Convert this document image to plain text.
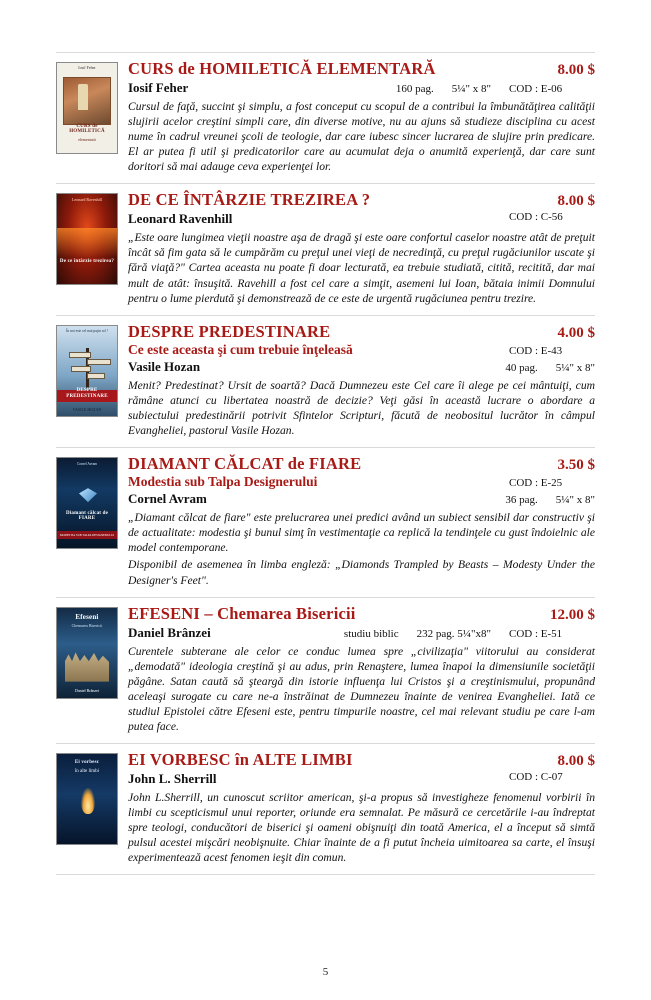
Iosif Feher
CURS de HOMILETICĂ
elementară
CURS de HOMILETICĂ ELEMENTARĂ	8.00 $
Iosif Feher	160 pag. 5¼" x 8" COD : E-06

Cursul de faţă, succint şi simplu, a fost conceput cu scopul de a contribui la îmbunătăţirea calităţii slujirii acelor creştini simpli care, din diverse motive, nu au ajuns să studieze disciplina cu acest nume în cadrul vreunei şcoli de teologie, dar care iubesc sincer lucrarea de slujire prin predicare. El ar putea fi util şi predicatorilor care au acumulat deja o anumită experienţă, dar care sunt doritori să mai adauge ceva experienţei lor.

Leonard Ravenhill
De ce întârzie trezirea?
DE CE ÎNTÂRZIE TREZIREA ?	8.00 $
Leonard Ravenhill	COD : C-56

„Este oare lungimea vieţii noastre aşa de dragă şi este oare confortul caselor noastre atât de preţuit încât să fim gata să le cumpărăm cu preţul unei vieţi de necredinţă, cu preţul rugăciunilor uscate şi fără viaţă?" Cartea aceasta nu poate fi doar lecturată, ea trebuie studiată, citită, recitită, dar mai mult de atât: însuşită. Ravehill a fost cel care a simţit, asemeni lui Ioan, bătaia inimii Domnului pentru o lume pierdută şi demonstrează de ce este de urgentă rugăciunea pentru trezire.

În noi este cel mai puţin rol !
DESPRE PREDESTINARE
VASILE HOZAN
DESPRE PREDESTINARE	4.00 $
Ce este aceasta şi cum trebuie înţeleasă	COD : E-43
Vasile Hozan	40 pag. 5¼" x 8"

Menit? Predestinat? Ursit de soartă? Dacă Dumnezeu este Cel care îi alege pe cei mântuiţi, cum rămâne atunci cu libertatea noastră de decizie? Veţi găsi în această lucrare o abordare a subiectului predestinării potrivit Sfintelor Scripturi, făcută de neobositul lucrător în câmpul Evangheliei, pastorul Vasile Hozan.

Cornel Avram
Diamant călcat de FIARE
MODESTIA SUB TALPA DESIGNERULUI
DIAMANT CĂLCAT de FIARE	3.50 $
Modestia sub Talpa Designerului	COD : E-25
Cornel Avram	36 pag. 5¼" x 8"

„Diamant călcat de fiare" este prelucrarea unei predici având un subiect sensibil dar constructiv şi de actualitate: modestia şi bunul simţ în vestimentaţie ca replică la tendinţele cu gust îndoielnic ale model contemporane.

Disponibil de asemenea în limba engleză: „Diamonds Trampled by Beasts – Modesty Under the Designer's Feet".

Efeseni
Chemarea Bisericii
Daniel Brânzei
EFESENI – Chemarea Bisericii	12.00 $
Daniel Brânzei	studiu biblic 232 pag. 5¼"x8" COD : E-51

Curentele subterane ale celor ce conduc lumea spre „civilizaţia" viitorului au considerat „demodată" ideologia creştină şi au adus, prin Renaştere, lumea înapoi la dimensiunile societăţii păgâne. Satan caută să şteargă din istorie influenţa lui Cristos şi a creştinismului, propunând aceleaşi surogate cu care ne-a înstrăinat de Dumnezeu înainte de venirea Evangheliei. Iată ce studiul Epistolei către Efeseni este, pentru timpurile noastre, cel mai relevant studiu pe care l-am putea face.

Ei vorbesc
în alte limbi
EI VORBESC în ALTE LIMBI	8.00 $
John L. Sherrill	COD : C-07

John L.Sherrill, un cunoscut scriitor american, şi-a propus să investigheze fenomenul vorbirii în limbi cu scepticismul unui reporter, oriunde era semnalat. Pe măsură ce cercetările i-au îndreptat spre teologi, conducători de biserici şi oameni obişnuiţi din toată America, el a început să simtă pulsul acestei mişcări neobişnuite. Chiar înainte de a fi putut încheia uimitoarea sa carte, el însuşi experimentează acest fenomen ieşit din comun.

5
